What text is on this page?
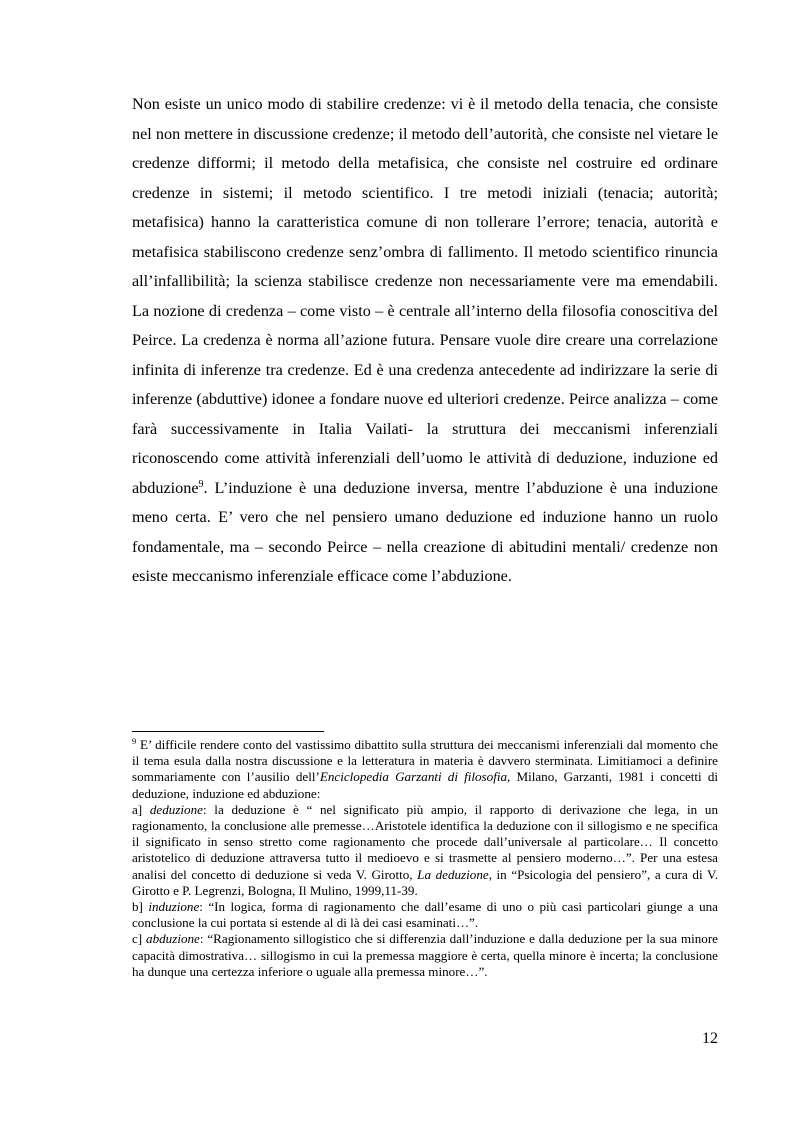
Non esiste un unico modo di stabilire credenze: vi è il metodo della tenacia, che consiste nel non mettere in discussione credenze; il metodo dell’autorità, che consiste nel vietare le credenze difformi; il metodo della metafisica, che consiste nel costruire ed ordinare credenze in sistemi; il metodo scientifico. I tre metodi iniziali (tenacia; autorità; metafisica) hanno la caratteristica comune di non tollerare l’errore; tenacia, autorità e metafisica stabiliscono credenze senz’ombra di fallimento. Il metodo scientifico rinuncia all’infallibilità; la scienza stabilisce credenze non necessariamente vere ma emendabili. La nozione di credenza – come visto – è centrale all’interno della filosofia conoscitiva del Peirce. La credenza è norma all’azione futura. Pensare vuole dire creare una correlazione infinita di inferenze tra credenze. Ed è una credenza antecedente ad indirizzare la serie di inferenze (abduttive) idonee a fondare nuove ed ulteriori credenze. Peirce analizza – come farà successivamente in Italia Vailati- la struttura dei meccanismi inferenziali riconoscendo come attività inferenziali dell’uomo le attività di deduzione, induzione ed abduzione$^9$. L’induzione è una deduzione inversa, mentre l’abduzione è una induzione meno certa. E’ vero che nel pensiero umano deduzione ed induzione hanno un ruolo fondamentale, ma – secondo Peirce – nella creazione di abitudini mentali/ credenze non esiste meccanismo inferenziale efficace come l’abduzione.

$^9$ E’ difficile rendere conto del vastissimo dibattito sulla struttura dei meccanismi inferenziali dal momento che il tema esula dalla nostra discussione e la letteratura in materia è davvero sterminata. Limitiamoci a definire sommariamente con l’ausilio dell’Enciclopedia Garzanti di filosofia, Milano, Garzanti, 1981 i concetti di deduzione, induzione ed abduzione:

a] deduzione: la deduzione è “ nel significato più ampio, il rapporto di derivazione che lega, in un ragionamento, la conclusione alle premesse…Aristotele identifica la deduzione con il sillogismo e ne specifica il significato in senso stretto come ragionamento che procede dall’universale al particolare… Il concetto aristotelico di deduzione attraversa tutto il medioevo e si trasmette al pensiero moderno…”. Per una estesa analisi del concetto di deduzione si veda V. Girotto, La deduzione, in “Psicologia del pensiero”, a cura di V. Girotto e P. Legrenzi, Bologna, Il Mulino, 1999,11-39.

b] induzione: “In logica, forma di ragionamento che dall’esame di uno o più casi particolari giunge a una conclusione la cui portata si estende al di là dei casi esaminati…”.

c] abduzione: “Ragionamento sillogistico che si differenzia dall’induzione e dalla deduzione per la sua minore capacità dimostrativa… sillogismo in cui la premessa maggiore è certa, quella minore è incerta; la conclusione ha dunque una certezza inferiore o uguale alla premessa minore…”.

12
